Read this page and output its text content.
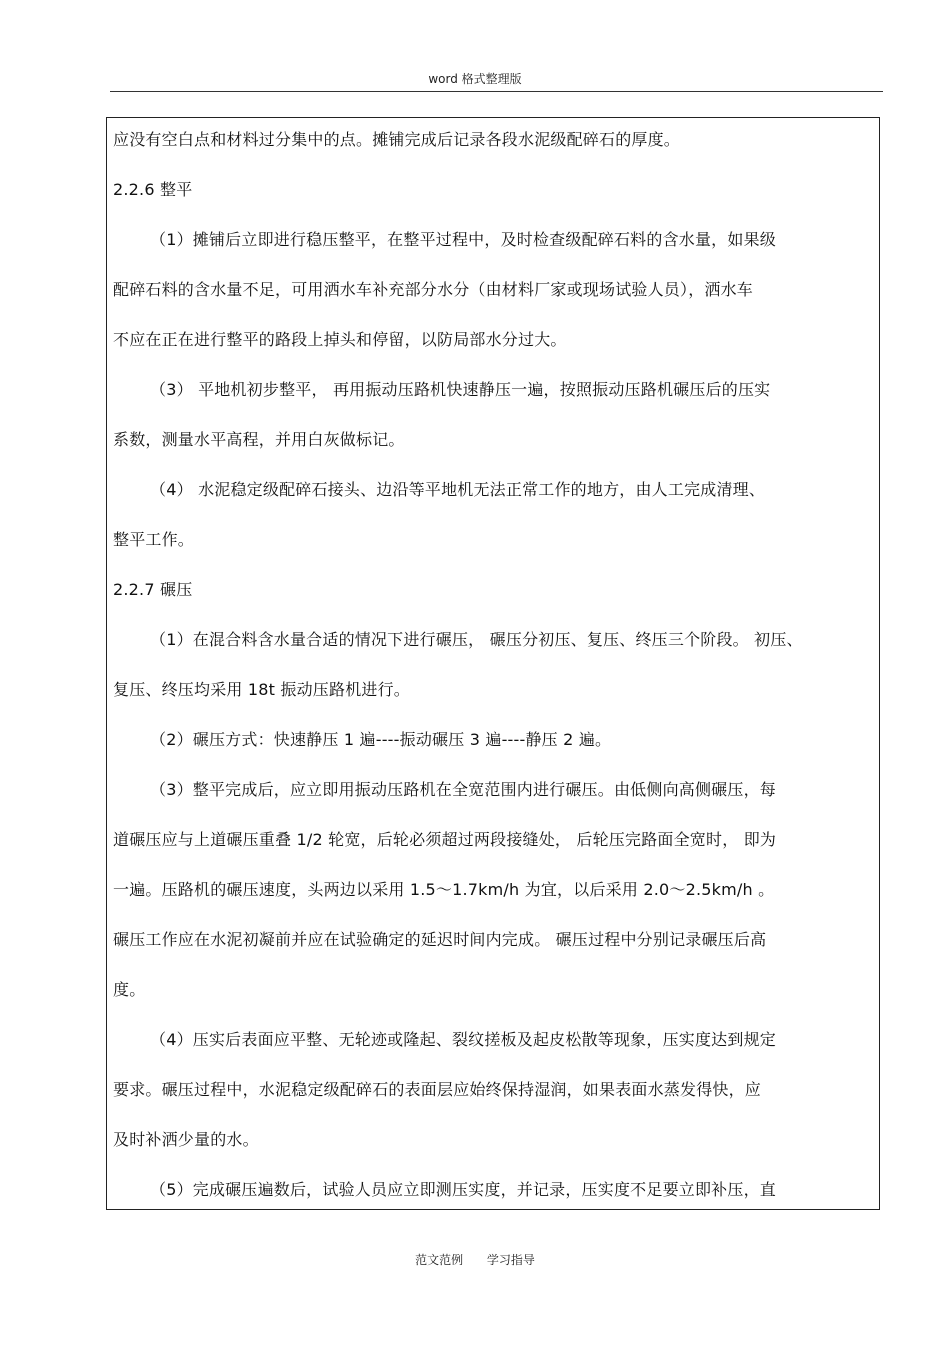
word 格式整理版
应没有空白点和材料过分集中的点。摊铺完成后记录各段水泥级配碎石的厚度。
2.2.6 整平
（1）摊铺后立即进行稳压整平，在整平过程中，及时检查级配碎石料的含水量，如果级
配碎石料的含水量不足，可用洒水车补充部分水分（由材料厂家或现场试验人员），洒水车
不应在正在进行整平的路段上掉头和停留，以防局部水分过大。
（3） 平地机初步整平， 再用振动压路机快速静压一遍，按照振动压路机碾压后的压实
系数，测量水平高程，并用白灰做标记。
（4） 水泥稳定级配碎石接头、边沿等平地机无法正常工作的地方，由人工完成清理、
整平工作。
2.2.7 碾压
（1）在混合料含水量合适的情况下进行碾压， 碾压分初压、复压、终压三个阶段。 初压、
复压、终压均采用 18t 振动压路机进行。
（2）碾压方式：快速静压 1 遍----振动碾压 3 遍----静压 2 遍。
（3）整平完成后，应立即用振动压路机在全宽范围内进行碾压。由低侧向高侧碾压，每
道碾压应与上道碾压重叠 1/2 轮宽，后轮必须超过两段接缝处， 后轮压完路面全宽时， 即为
一遍。压路机的碾压速度，头两边以采用 1.5～1.7km/h 为宜，以后采用 2.0～2.5km/h 。
碾压工作应在水泥初凝前并应在试验确定的延迟时间内完成。 碾压过程中分别记录碾压后高
度。
（4）压实后表面应平整、无轮迹或隆起、裂纹搓板及起皮松散等现象，压实度达到规定
要求。碾压过程中，水泥稳定级配碎石的表面层应始终保持湿润，如果表面水蒸发得快，应
及时补洒少量的水。
（5）完成碾压遍数后，试验人员应立即测压实度，并记录，压实度不足要立即补压，直
范文范例 学习指导
